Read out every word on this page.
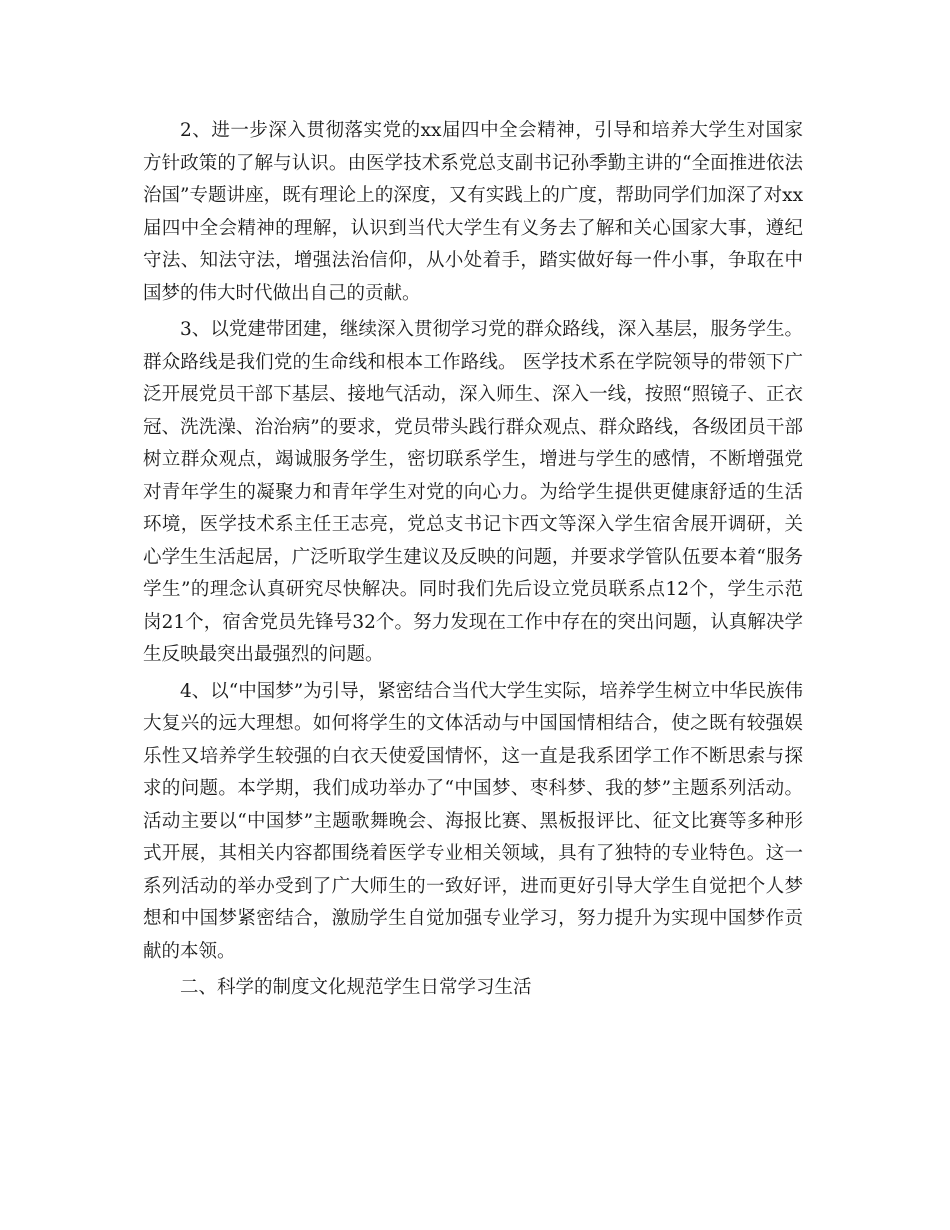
2、进一步深入贯彻落实党的xx届四中全会精神，引导和培养大学生对国家方针政策的了解与认识。由医学技术系党总支副书记孙季勤主讲的“全面推进依法治国”专题讲座，既有理论上的深度，又有实践上的广度，帮助同学们加深了对xx届四中全会精神的理解，认识到当代大学生有义务去了解和关心国家大事，遵纪守法、知法守法，增强法治信仰，从小处着手，踏实做好每一件小事，争取在中国梦的伟大时代做出自己的贡献。

3、以党建带团建，继续深入贯彻学习党的群众路线，深入基层，服务学生。群众路线是我们党的生命线和根本工作路线。 医学技术系在学院领导的带领下广泛开展党员干部下基层、接地气活动，深入师生、深入一线，按照“照镜子、正衣冠、洗洗澡、治治病”的要求，党员带头践行群众观点、群众路线，各级团员干部树立群众观点，竭诚服务学生，密切联系学生，增进与学生的感情，不断增强党对青年学生的凝聚力和青年学生对党的向心力。为给学生提供更健康舒适的生活环境，医学技术系主任王志亮，党总支书记卞西文等深入学生宿舍展开调研，关心学生生活起居，广泛听取学生建议及反映的问题，并要求学管队伍要本着“服务学生”的理念认真研究尽快解决。同时我们先后设立党员联系点12个，学生示范岗21个，宿舍党员先锋号32个。努力发现在工作中存在的突出问题，认真解决学生反映最突出最强烈的问题。

4、以“中国梦”为引导，紧密结合当代大学生实际，培养学生树立中华民族伟大复兴的远大理想。如何将学生的文体活动与中国国情相结合，使之既有较强娱乐性又培养学生较强的白衣天使爱国情怀，这一直是我系团学工作不断思索与探求的问题。本学期，我们成功举办了“中国梦、枣科梦、我的梦”主题系列活动。活动主要以“中国梦”主题歌舞晚会、海报比赛、黑板报评比、征文比赛等多种形式开展，其相关内容都围绕着医学专业相关领域，具有了独特的专业特色。这一系列活动的举办受到了广大师生的一致好评，进而更好引导大学生自觉把个人梦想和中国梦紧密结合，激励学生自觉加强专业学习，努力提升为实现中国梦作贡献的本领。

二、科学的制度文化规范学生日常学习生活
